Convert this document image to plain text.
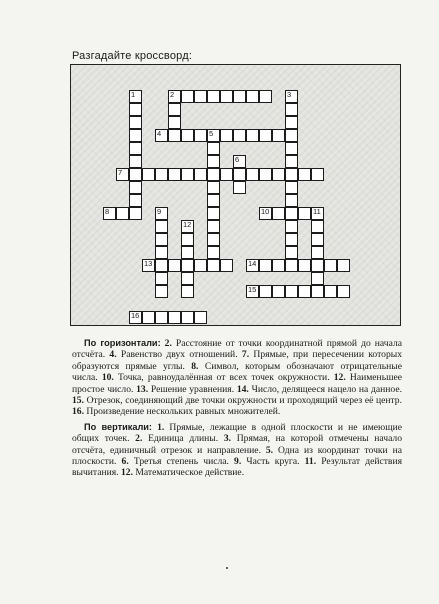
Разгадайте кроссворд:
1	2	3
4	5
6
7
8	9	10	11
12
13	14
15
16

По горизонтали: 2. Расстояние от точки координатной прямой до начала отсчёта. 4. Равенство двух отношений. 7. Прямые, при пересечении которых образуются прямые углы. 8. Символ, которым обозначают отрицательные числа. 10. Точка, равноудалённая от всех точек окружности. 12. Наименьшее простое число. 13. Решение уравнения. 14. Число, делящееся нацело на данное. 15. Отрезок, соединяющий две точки окружности и проходящий через её центр. 16. Произведение нескольких равных множителей.

По вертикали: 1. Прямые, лежащие в одной плоскости и не имеющие общих точек. 2. Единица длины. 3. Прямая, на которой отмечены начало отсчёта, единичный отрезок и направление. 5. Одна из координат точки на плоскости. 6. Третья степень числа. 9. Часть круга. 11. Результат действия вычитания. 12. Математическое действие.
